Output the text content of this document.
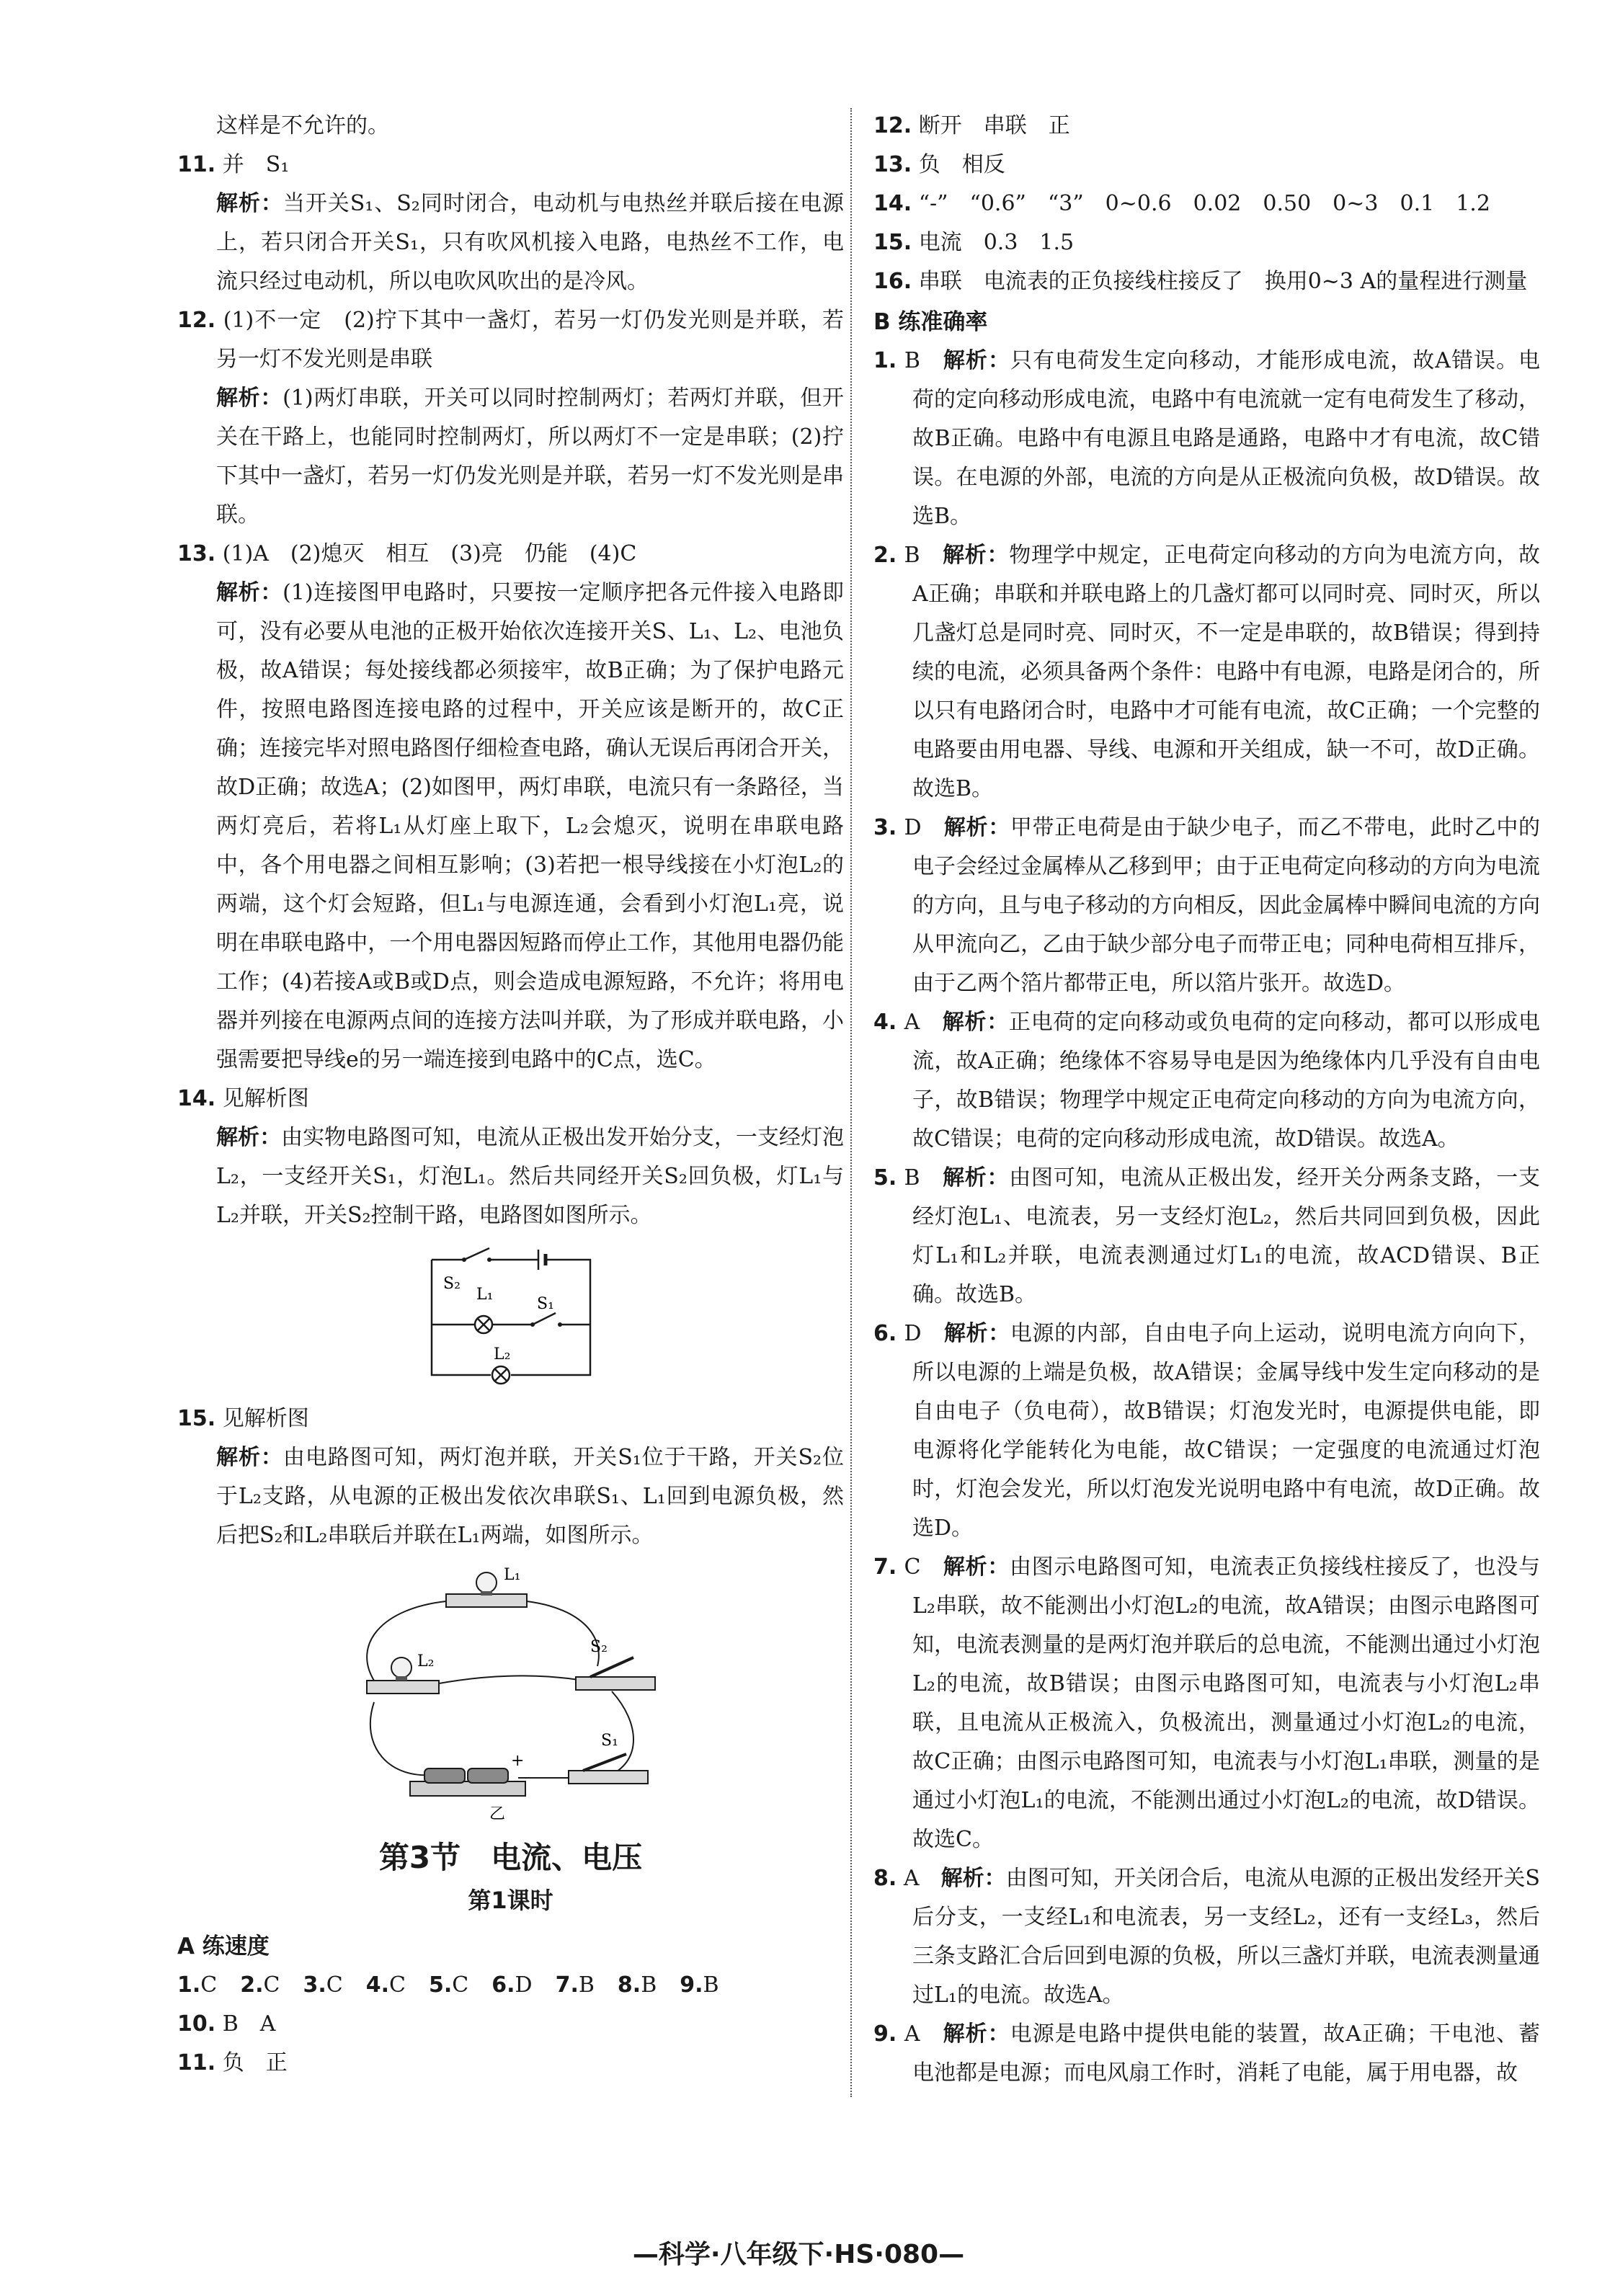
这样是不允许的。

11. 并　S₁

解析：当开关S₁、S₂同时闭合，电动机与电热丝并联后接在电源上，若只闭合开关S₁，只有吹风机接入电路，电热丝不工作，电流只经过电动机，所以电吹风吹出的是冷风。

12. (1)不一定　(2)拧下其中一盏灯，若另一灯仍发光则是并联，若另一灯不发光则是串联

解析：(1)两灯串联，开关可以同时控制两灯；若两灯并联，但开关在干路上，也能同时控制两灯，所以两灯不一定是串联；(2)拧下其中一盏灯，若另一灯仍发光则是并联，若另一灯不发光则是串联。

13. (1)A　(2)熄灭　相互　(3)亮　仍能　(4)C

解析：(1)连接图甲电路时，只要按一定顺序把各元件接入电路即可，没有必要从电池的正极开始依次连接开关S、L₁、L₂、电池负极，故A错误；每处接线都必须接牢，故B正确；为了保护电路元件，按照电路图连接电路的过程中，开关应该是断开的，故C正确；连接完毕对照电路图仔细检查电路，确认无误后再闭合开关，故D正确；故选A；(2)如图甲，两灯串联，电流只有一条路径，当两灯亮后，若将L₁从灯座上取下，L₂会熄灭，说明在串联电路中，各个用电器之间相互影响；(3)若把一根导线接在小灯泡L₂的两端，这个灯会短路，但L₁与电源连通，会看到小灯泡L₁亮，说明在串联电路中，一个用电器因短路而停止工作，其他用电器仍能工作；(4)若接A或B或D点，则会造成电源短路，不允许；将用电器并列接在电源两点间的连接方法叫并联，为了形成并联电路，小强需要把导线e的另一端连接到电路中的C点，选C。

14. 见解析图

解析：由实物电路图可知，电流从正极出发开始分支，一支经灯泡L₂，一支经开关S₁，灯泡L₁。然后共同经开关S₂回负极，灯L₁与L₂并联，开关S₂控制干路，电路图如图所示。

S₂
L₁
S₁
L₂

15. 见解析图

解析：由电路图可知，两灯泡并联，开关S₁位于干路，开关S₂位于L₂支路，从电源的正极出发依次串联S₁、L₁回到电源负极，然后把S₂和L₂串联后并联在L₁两端，如图所示。

L₁
L₂
S₂
S₁
+
乙
第3节　电流、电压
第1课时
A 练速度
1.C 2.C 3.C 4.C 5.C 6.D 7.B 8.B 9.B

10. B　A

11. 负　正

12. 断开　串联　正

13. 负　相反

14. “-”　“0.6”　“3”　0~0.6　0.02　0.50　0~3　0.1　1.2

15. 电流　0.3　1.5

16. 串联　电流表的正负接线柱接反了　换用0~3 A的量程进行测量

B 练准确率

1. B　 解析：只有电荷发生定向移动，才能形成电流，故A错误。电荷的定向移动形成电流，电路中有电流就一定有电荷发生了移动，故B正确。电路中有电源且电路是通路，电路中才有电流，故C错误。在电源的外部，电流的方向是从正极流向负极，故D错误。故选B。

2. B　 解析：物理学中规定，正电荷定向移动的方向为电流方向，故A正确；串联和并联电路上的几盏灯都可以同时亮、同时灭，所以几盏灯总是同时亮、同时灭，不一定是串联的，故B错误；得到持续的电流，必须具备两个条件：电路中有电源，电路是闭合的，所以只有电路闭合时，电路中才可能有电流，故C正确；一个完整的电路要由用电器、导线、电源和开关组成，缺一不可，故D正确。故选B。

3. D　 解析：甲带正电荷是由于缺少电子，而乙不带电，此时乙中的电子会经过金属棒从乙移到甲；由于正电荷定向移动的方向为电流的方向，且与电子移动的方向相反，因此金属棒中瞬间电流的方向从甲流向乙，乙由于缺少部分电子而带正电；同种电荷相互排斥，由于乙两个箔片都带正电，所以箔片张开。故选D。

4. A　 解析：正电荷的定向移动或负电荷的定向移动，都可以形成电流，故A正确；绝缘体不容易导电是因为绝缘体内几乎没有自由电子，故B错误；物理学中规定正电荷定向移动的方向为电流方向，故C错误；电荷的定向移动形成电流，故D错误。故选A。

5. B　 解析：由图可知，电流从正极出发，经开关分两条支路，一支经灯泡L₁、电流表，另一支经灯泡L₂，然后共同回到负极，因此灯L₁和L₂并联，电流表测通过灯L₁的电流，故ACD错误、B正确。故选B。

6. D　 解析：电源的内部，自由电子向上运动，说明电流方向向下，所以电源的上端是负极，故A错误；金属导线中发生定向移动的是自由电子（负电荷），故B错误；灯泡发光时，电源提供电能，即电源将化学能转化为电能，故C错误；一定强度的电流通过灯泡时，灯泡会发光，所以灯泡发光说明电路中有电流，故D正确。故选D。

7. C　 解析：由图示电路图可知，电流表正负接线柱接反了，也没与L₂串联，故不能测出小灯泡L₂的电流，故A错误；由图示电路图可知，电流表测量的是两灯泡并联后的总电流，不能测出通过小灯泡L₂的电流，故B错误；由图示电路图可知，电流表与小灯泡L₂串联，且电流从正极流入，负极流出，测量通过小灯泡L₂的电流，故C正确；由图示电路图可知，电流表与小灯泡L₁串联，测量的是通过小灯泡L₁的电流，不能测出通过小灯泡L₂的电流，故D错误。故选C。

8. A　 解析：由图可知，开关闭合后，电流从电源的正极出发经开关S后分支，一支经L₁和电流表，另一支经L₂，还有一支经L₃，然后三条支路汇合后回到电源的负极，所以三盏灯并联，电流表测量通过L₁的电流。故选A。

9. A　 解析：电源是电路中提供电能的装置，故A正确；干电池、蓄电池都是电源；而电风扇工作时，消耗了电能，属于用电器，故

—科学·八年级下·HS·080—
